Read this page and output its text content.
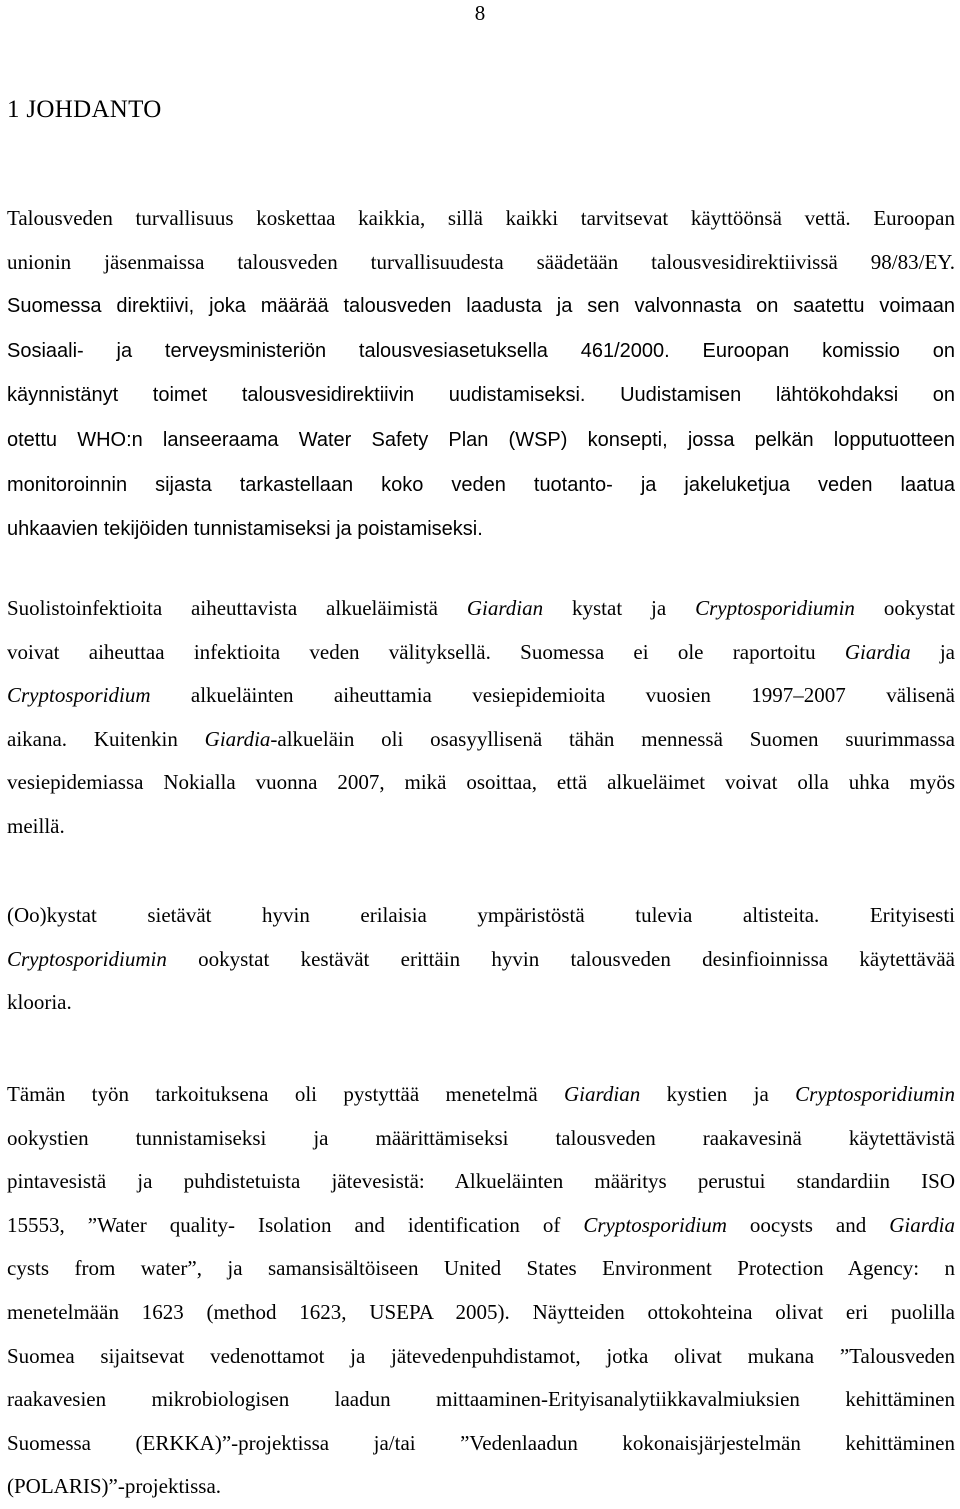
8
1 JOHDANTO
Talousveden turvallisuus koskettaa kaikkia, sillä kaikki tarvitsevat käyttöönsä vettä. Euroopan
unionin jäsenmaissa talousveden turvallisuudesta säädetään talousvesidirektiivissä 98/83/EY.
Suomessa direktiivi, joka määrää talousveden laadusta ja sen valvonnasta on saatettu voimaan
Sosiaali- ja terveysministeriön talousvesiasetuksella 461/2000. Euroopan komissio on
käynnistänyt toimet talousvesidirektiivin uudistamiseksi. Uudistamisen lähtökohdaksi on
otettu WHO:n lanseeraama Water Safety Plan (WSP) konsepti, jossa pelkän lopputuotteen
monitoroinnin sijasta tarkastellaan koko veden tuotanto- ja jakeluketjua veden laatua
uhkaavien tekijöiden tunnistamiseksi ja poistamiseksi.
Suolistoinfektioita aiheuttavista alkueläimistä Giardian kystat ja Cryptosporidiumin ookystat
voivat aiheuttaa infektioita veden välityksellä. Suomessa ei ole raportoitu Giardia ja
Cryptosporidium alkueläinten aiheuttamia vesiepidemioita vuosien 1997–2007 välisenä
aikana. Kuitenkin Giardia-alkueläin oli osasyyllisenä tähän mennessä Suomen suurimmassa
vesiepidemiassa Nokialla vuonna 2007, mikä osoittaa, että alkueläimet voivat olla uhka myös
meillä.
(Oo)kystat sietävät hyvin erilaisia ympäristöstä tulevia altisteita. Erityisesti
Cryptosporidiumin ookystat kestävät erittäin hyvin talousveden desinfioinnissa käytettävää
klooria.
Tämän työn tarkoituksena oli pystyttää menetelmä Giardian kystien ja Cryptosporidiumin
ookystien tunnistamiseksi ja määrittämiseksi talousveden raakavesinä käytettävistä
pintavesistä ja puhdistetuista jätevesistä: Alkueläinten määritys perustui standardiin ISO
15553, ”Water quality- Isolation and identification of Cryptosporidium oocysts and Giardia
cysts from water”, ja samansisältöiseen United States Environment Protection Agency: n
menetelmään 1623 (method 1623, USEPA 2005). Näytteiden ottokohteina olivat eri puolilla
Suomea sijaitsevat vedenottamot ja jätevedenpuhdistamot, jotka olivat mukana ”Talousveden
raakavesien mikrobiologisen laadun mittaaminen-Erityisanalytiikkavalmiuksien kehittäminen
Suomessa (ERKKA)”-projektissa ja/tai ”Vedenlaadun kokonaisjärjestelmän kehittäminen
(POLARIS)”-projektissa.
